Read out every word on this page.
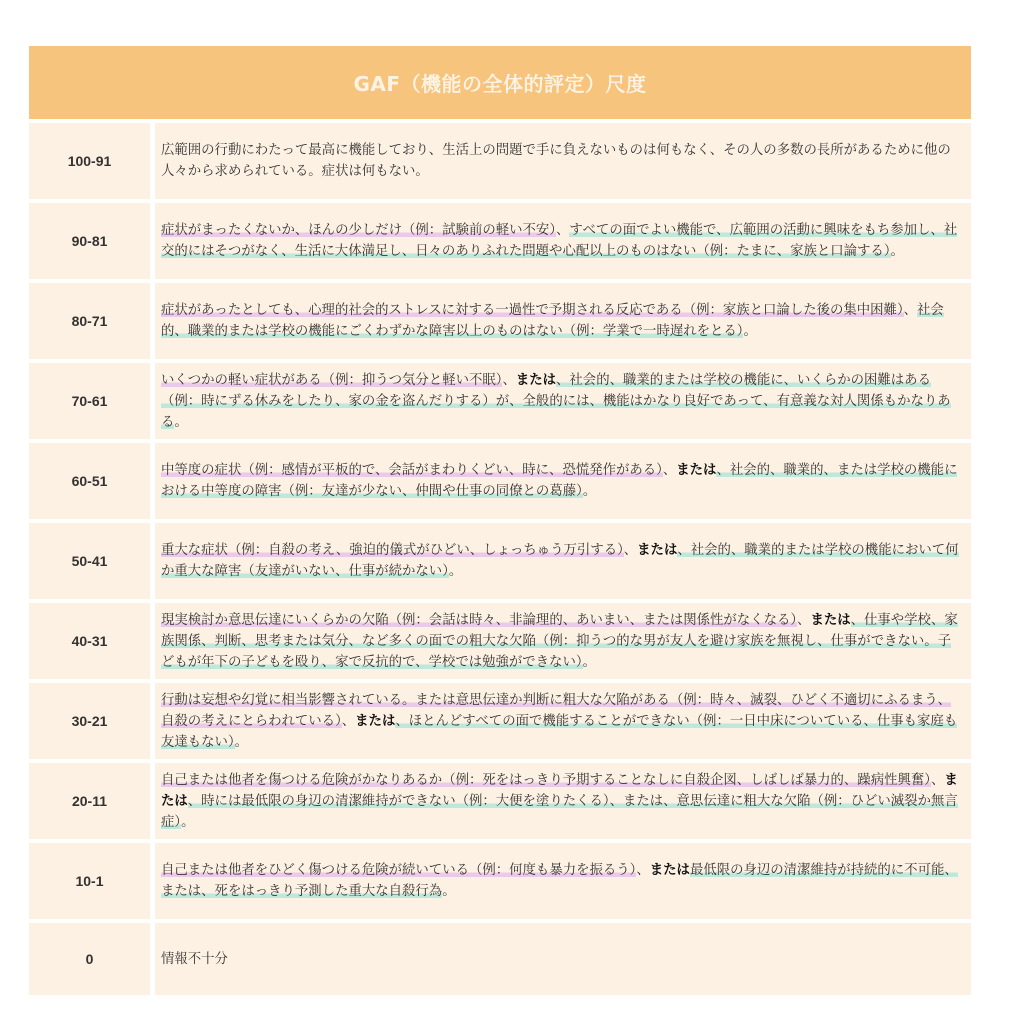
GAF（機能の全体的評定）尺度
100-91

広範囲の行動にわたって最高に機能しており、生活上の問題で手に負えないものは何もなく、その人の多数の長所があるために他の人々から求められている。症状は何もない。

90-81

症状がまったくないか、ほんの少しだけ（例：試験前の軽い不安）、すべての面でよい機能で、広範囲の活動に興味をもち参加し、社交的にはそつがなく、生活に大体満足し、日々のありふれた問題や心配以上のものはない（例：たまに、家族と口論する）。

80-71

症状があったとしても、心理的社会的ストレスに対する一過性で予期される反応である（例：家族と口論した後の集中困難）、社会的、職業的または学校の機能にごくわずかな障害以上のものはない（例：学業で一時遅れをとる）。

70-61

いくつかの軽い症状がある（例：抑うつ気分と軽い不眠）、または、社会的、職業的または学校の機能に、いくらかの困難はある（例：時にずる休みをしたり、家の金を盗んだりする）が、全般的には、機能はかなり良好であって、有意義な対人関係もかなりある。

60-51

中等度の症状（例：感情が平板的で、会話がまわりくどい、時に、恐慌発作がある）、または、社会的、職業的、または学校の機能における中等度の障害（例：友達が少ない、仲間や仕事の同僚との葛藤）。

50-41

重大な症状（例：自殺の考え、強迫的儀式がひどい、しょっちゅう万引する）、または、社会的、職業的または学校の機能において何か重大な障害（友達がいない、仕事が続かない）。

40-31

現実検討か意思伝達にいくらかの欠陥（例：会話は時々、非論理的、あいまい、または関係性がなくなる）、または、仕事や学校、家族関係、判断、思考または気分、など多くの面での粗大な欠陥（例：抑うつ的な男が友人を避け家族を無視し、仕事ができない。子どもが年下の子どもを殴り、家で反抗的で、学校では勉強ができない）。

30-21

行動は妄想や幻覚に相当影響されている。または意思伝達か判断に粗大な欠陥がある（例：時々、滅裂、ひどく不適切にふるまう、自殺の考えにとらわれている）、または、ほとんどすべての面で機能することができない（例：一日中床についている、仕事も家庭も友達もない）。

20-11

自己または他者を傷つける危険がかなりあるか（例：死をはっきり予期することなしに自殺企図、しばしば暴力的、躁病性興奮）、または、時には最低限の身辺の清潔維持ができない（例：大便を塗りたくる）、または、意思伝達に粗大な欠陥（例：ひどい滅裂か無言症）。

10-1

自己または他者をひどく傷つける危険が続いている（例：何度も暴力を振るう）、または最低限の身辺の清潔維持が持続的に不可能、または、死をはっきり予測した重大な自殺行為。

0	情報不十分
